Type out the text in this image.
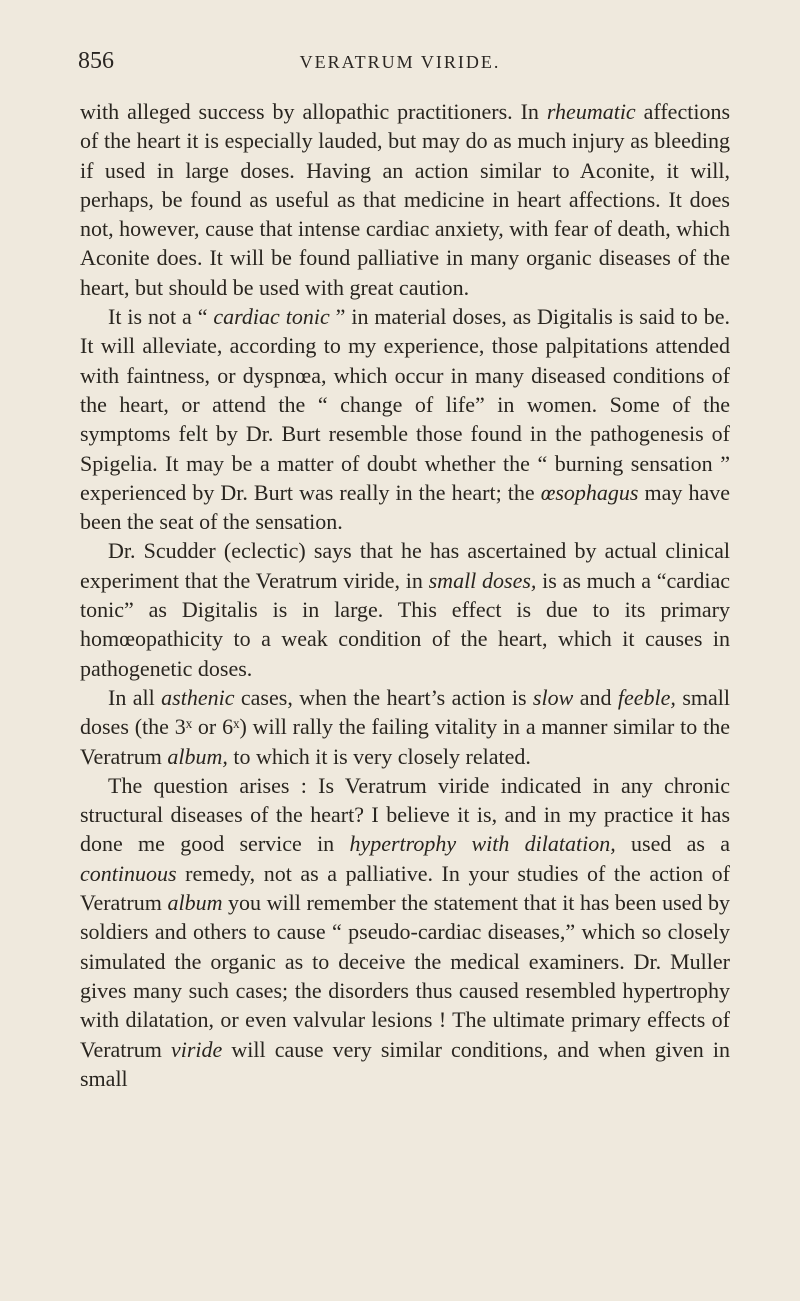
856	VERATRUM VIRIDE.

with alleged success by allopathic practitioners. In rheumatic affections of the heart it is especially lauded, but may do as much injury as bleeding if used in large doses. Having an action similar to Aconite, it will, perhaps, be found as useful as that medicine in heart affections. It does not, however, cause that intense cardiac anxiety, with fear of death, which Aconite does. It will be found palliative in many organic diseases of the heart, but should be used with great caution.

It is not a “ cardiac tonic ” in material doses, as Digitalis is said to be. It will alleviate, according to my experience, those palpitations attended with faintness, or dyspnœa, which occur in many diseased conditions of the heart, or attend the “ change of life” in women. Some of the symptoms felt by Dr. Burt resemble those found in the pathogenesis of Spigelia. It may be a matter of doubt whether the “ burning sensation ” experienced by Dr. Burt was really in the heart; the œsophagus may have been the seat of the sensation.

Dr. Scudder (eclectic) says that he has ascertained by actual clinical experiment that the Veratrum viride, in small doses, is as much a “cardiac tonic” as Digitalis is in large. This effect is due to its primary homœopathicity to a weak condition of the heart, which it causes in pathogenetic doses.

In all asthenic cases, when the heart’s action is slow and feeble, small doses (the 3ˣ or 6ˣ) will rally the failing vitality in a manner similar to the Veratrum album, to which it is very closely related.

The question arises : Is Veratrum viride indicated in any chronic structural diseases of the heart? I believe it is, and in my practice it has done me good service in hypertrophy with dilatation, used as a continuous remedy, not as a palliative. In your studies of the action of Veratrum album you will remember the statement that it has been used by soldiers and others to cause “ pseudo-cardiac diseases,” which so closely simulated the organic as to deceive the medical examiners. Dr. Muller gives many such cases; the disorders thus caused resembled hypertrophy with dilatation, or even valvular lesions ! The ultimate primary effects of Veratrum viride will cause very similar conditions, and when given in small
